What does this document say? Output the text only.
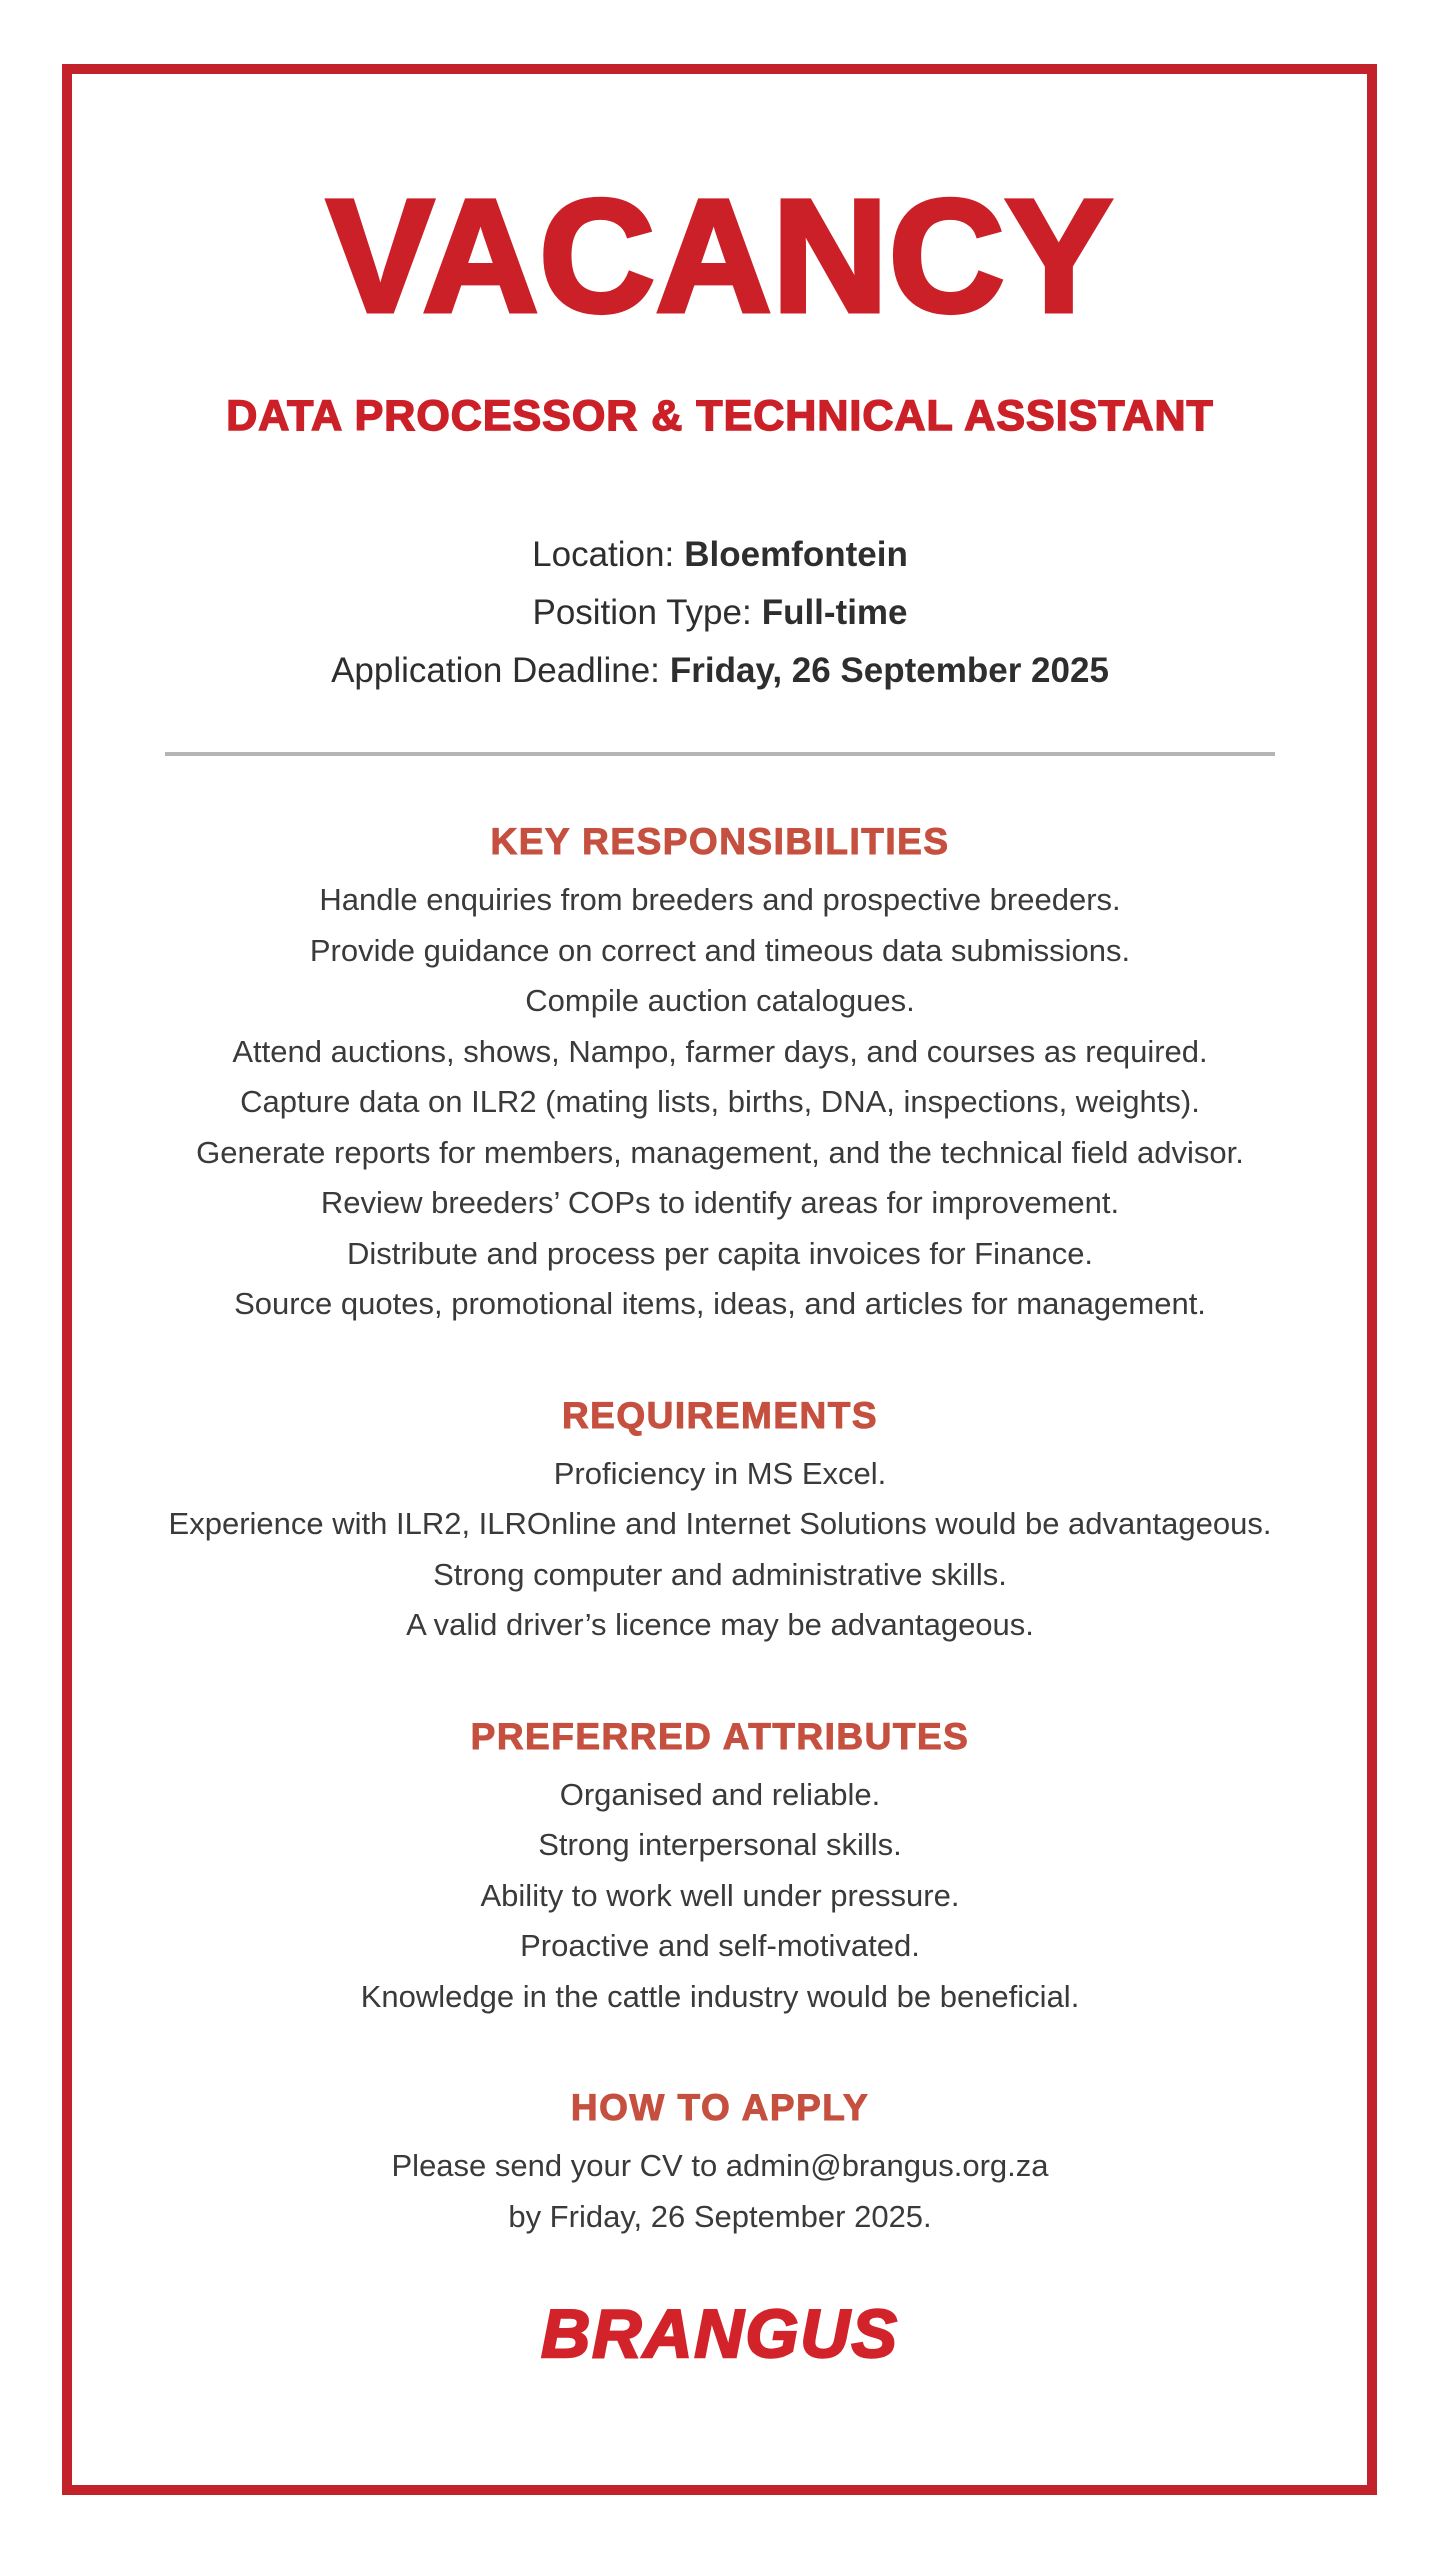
VACANCY
DATA PROCESSOR & TECHNICAL ASSISTANT
Location: Bloemfontein
Position Type: Full-time
Application Deadline: Friday, 26 September 2025
KEY RESPONSIBILITIES
Handle enquiries from breeders and prospective breeders.
Provide guidance on correct and timeous data submissions.
Compile auction catalogues.
Attend auctions, shows, Nampo, farmer days, and courses as required.
Capture data on ILR2 (mating lists, births, DNA, inspections, weights).
Generate reports for members, management, and the technical field advisor.
Review breeders’ COPs to identify areas for improvement.
Distribute and process per capita invoices for Finance.
Source quotes, promotional items, ideas, and articles for management.
REQUIREMENTS
Proficiency in MS Excel.
Experience with ILR2, ILROnline and Internet Solutions would be advantageous.
Strong computer and administrative skills.
A valid driver’s licence may be advantageous.
PREFERRED ATTRIBUTES
Organised and reliable.
Strong interpersonal skills.
Ability to work well under pressure.
Proactive and self-motivated.
Knowledge in the cattle industry would be beneficial.
HOW TO APPLY
Please send your CV to admin@brangus.org.za
by Friday, 26 September 2025.
BRANGUS
